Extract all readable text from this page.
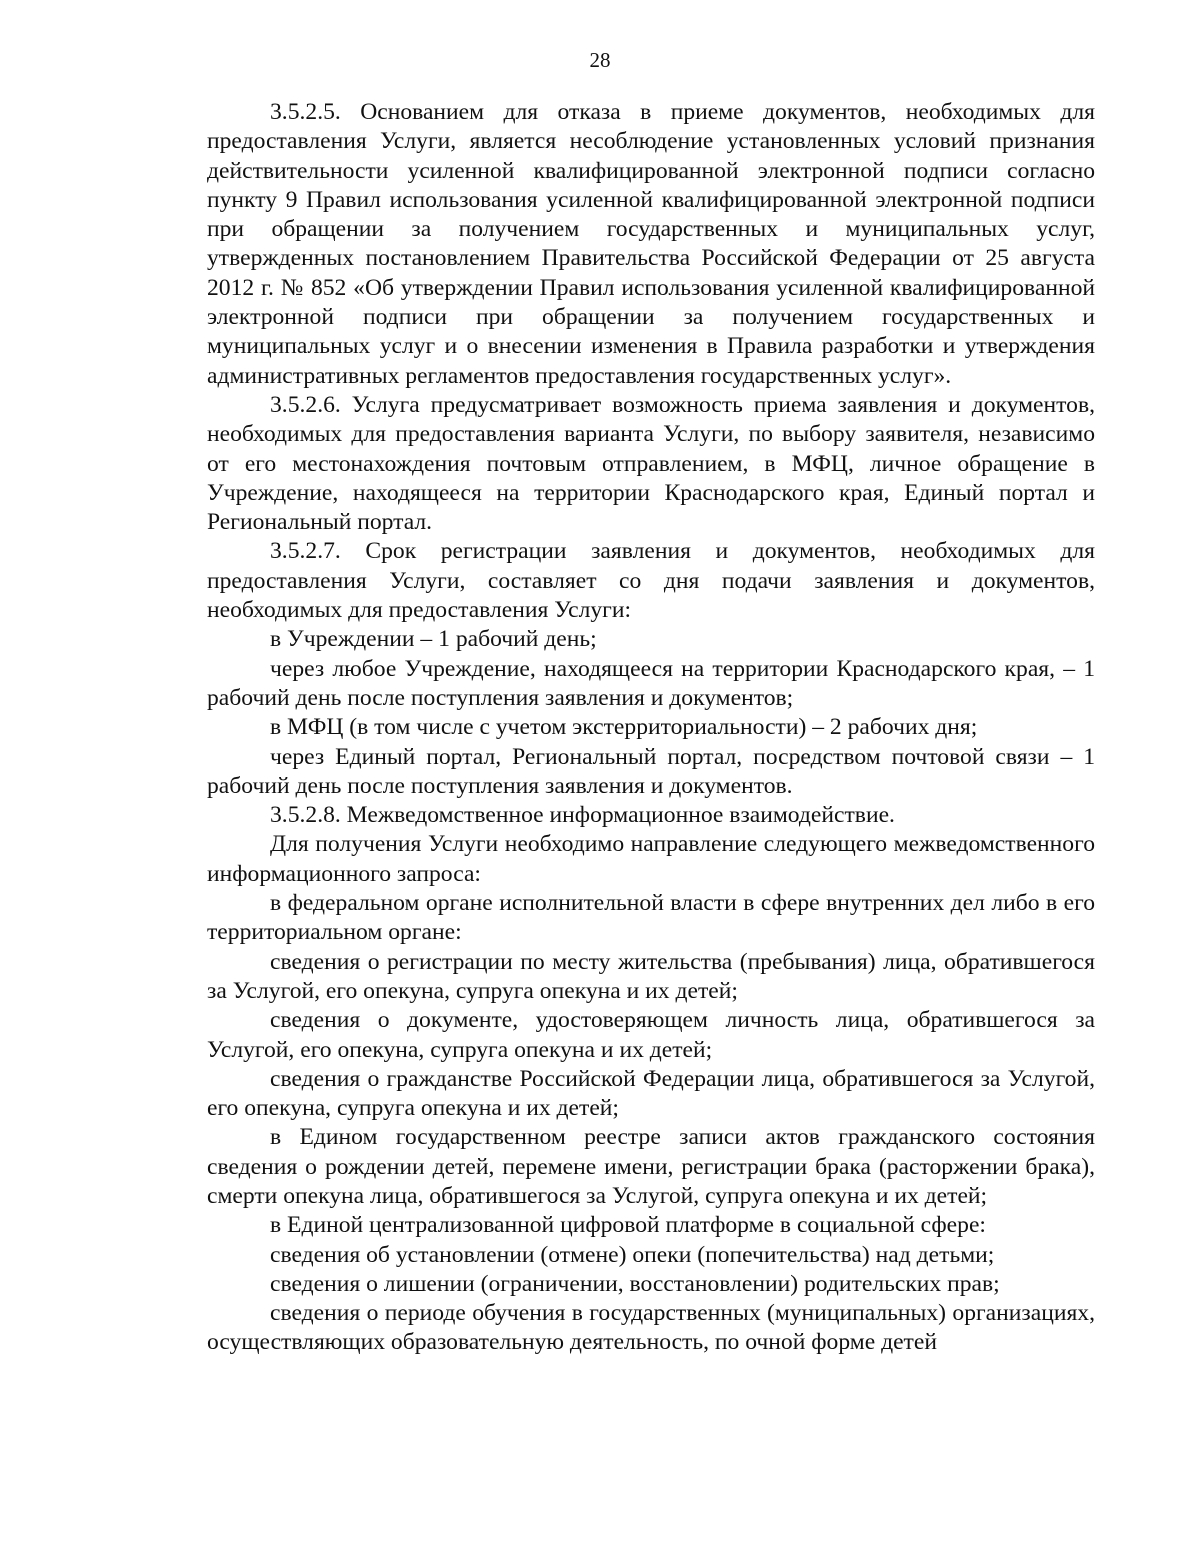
28

3.5.2.5. Основанием для отказа в приеме документов, необходимых для предоставления Услуги, является несоблюдение установленных условий признания действительности усиленной квалифицированной электронной подписи согласно пункту 9 Правил использования усиленной квалифицированной электронной подписи при обращении за получением государственных и муниципальных услуг, утвержденных постановлением Правительства Российской Федерации от 25 августа 2012 г. № 852 «Об утверждении Правил использования усиленной квалифицированной электронной подписи при обращении за получением государственных и муниципальных услуг и о внесении изменения в Правила разработки и утверждения административных регламентов предоставления государственных услуг».

3.5.2.6. Услуга предусматривает возможность приема заявления и документов, необходимых для предоставления варианта Услуги, по выбору заявителя, независимо от его местонахождения почтовым отправлением, в МФЦ, личное обращение в Учреждение, находящееся на территории Краснодарского края, Единый портал и Региональный портал.

3.5.2.7. Срок регистрации заявления и документов, необходимых для предоставления Услуги, составляет со дня подачи заявления и документов, необходимых для предоставления Услуги:

в Учреждении – 1 рабочий день;

через любое Учреждение, находящееся на территории Краснодарского края, – 1 рабочий день после поступления заявления и документов;

в МФЦ (в том числе с учетом экстерриториальности) – 2 рабочих дня;

через Единый портал, Региональный портал, посредством почтовой связи – 1 рабочий день после поступления заявления и документов.

3.5.2.8. Межведомственное информационное взаимодействие.

Для получения Услуги необходимо направление следующего межведомственного информационного запроса:

в федеральном органе исполнительной власти в сфере внутренних дел либо в его территориальном органе:

сведения о регистрации по месту жительства (пребывания) лица, обратившегося за Услугой, его опекуна, супруга опекуна и их детей;

сведения о документе, удостоверяющем личность лица, обратившегося за Услугой, его опекуна, супруга опекуна и их детей;

сведения о гражданстве Российской Федерации лица, обратившегося за Услугой, его опекуна, супруга опекуна и их детей;

в Едином государственном реестре записи актов гражданского состояния сведения о рождении детей, перемене имени, регистрации брака (расторжении брака), смерти опекуна лица, обратившегося за Услугой, супруга опекуна и их детей;

в Единой централизованной цифровой платформе в социальной сфере:

сведения об установлении (отмене) опеки (попечительства) над детьми;

сведения о лишении (ограничении, восстановлении) родительских прав;

сведения о периоде обучения в государственных (муниципальных) организациях, осуществляющих образовательную деятельность, по очной форме детей
